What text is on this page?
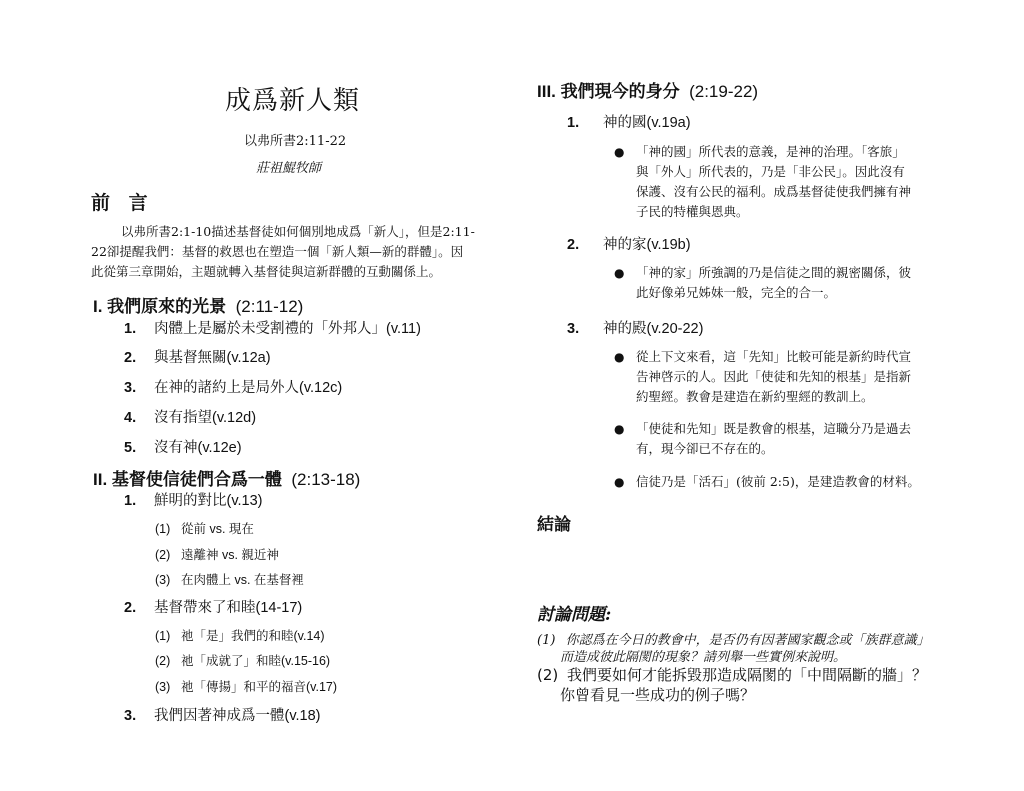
成爲新人類
以弗所書2:11-22
莊祖鯤牧師
前 言
以弗所書2:1-10描述基督徒如何個別地成爲「新人」，但是2:11-
22卻提醒我們：基督的救恩也在塑造一個「新人類—新的群體」。因
此從第三章開始，主題就轉入基督徒與這新群體的互動關係上。
I. 我們原來的光景 (2:11-12)
1. 肉體上是屬於未受割禮的「外邦人」(v.11)
2. 與基督無關(v.12a)
3. 在神的諸約上是局外人(v.12c)
4. 沒有指望(v.12d)
5. 沒有神(v.12e)
II. 基督使信徒們合爲一體 (2:13-18)
1. 鮮明的對比(v.13)
(1) 從前 vs. 現在
(2) 遠離神 vs. 親近神
(3) 在肉體上 vs. 在基督裡
2. 基督帶來了和睦(14-17)
(1) 祂「是」我們的和睦(v.14)
(2) 祂「成就了」和睦(v.15-16)
(3) 祂「傳揚」和平的福音(v.17)
3. 我們因著神成爲一體(v.18)
III. 我們現今的身分 (2:19-22)
1. 神的國(v.19a)
● 「神的國」所代表的意義，是神的治理。「客旅」
與「外人」所代表的，乃是「非公民」。因此沒有
保護、沒有公民的福利。成爲基督徒使我們擁有神
子民的特權與恩典。
2. 神的家(v.19b)
● 「神的家」所強調的乃是信徒之間的親密關係，彼
此好像弟兄姊妹一般，完全的合一。
3. 神的殿(v.20-22)
● 從上下文來看，這「先知」比較可能是新約時代宣
告神啓示的人。因此「使徒和先知的根基」是指新
約聖經。教會是建造在新約聖經的教訓上。
● 「使徒和先知」既是教會的根基，這職分乃是過去
有，現今卻已不存在的。
● 信徒乃是「活石」(彼前 2:5)，是建造教會的材料。
結論
討論問題:
(1) 你認爲在今日的教會中，是否仍有因著國家觀念或「族群意識」
而造成彼此隔閡的現象？請列舉一些實例來說明。
(2) 我們要如何才能拆毀那造成隔閡的「中間隔斷的牆」？
你曾看見一些成功的例子嗎？
